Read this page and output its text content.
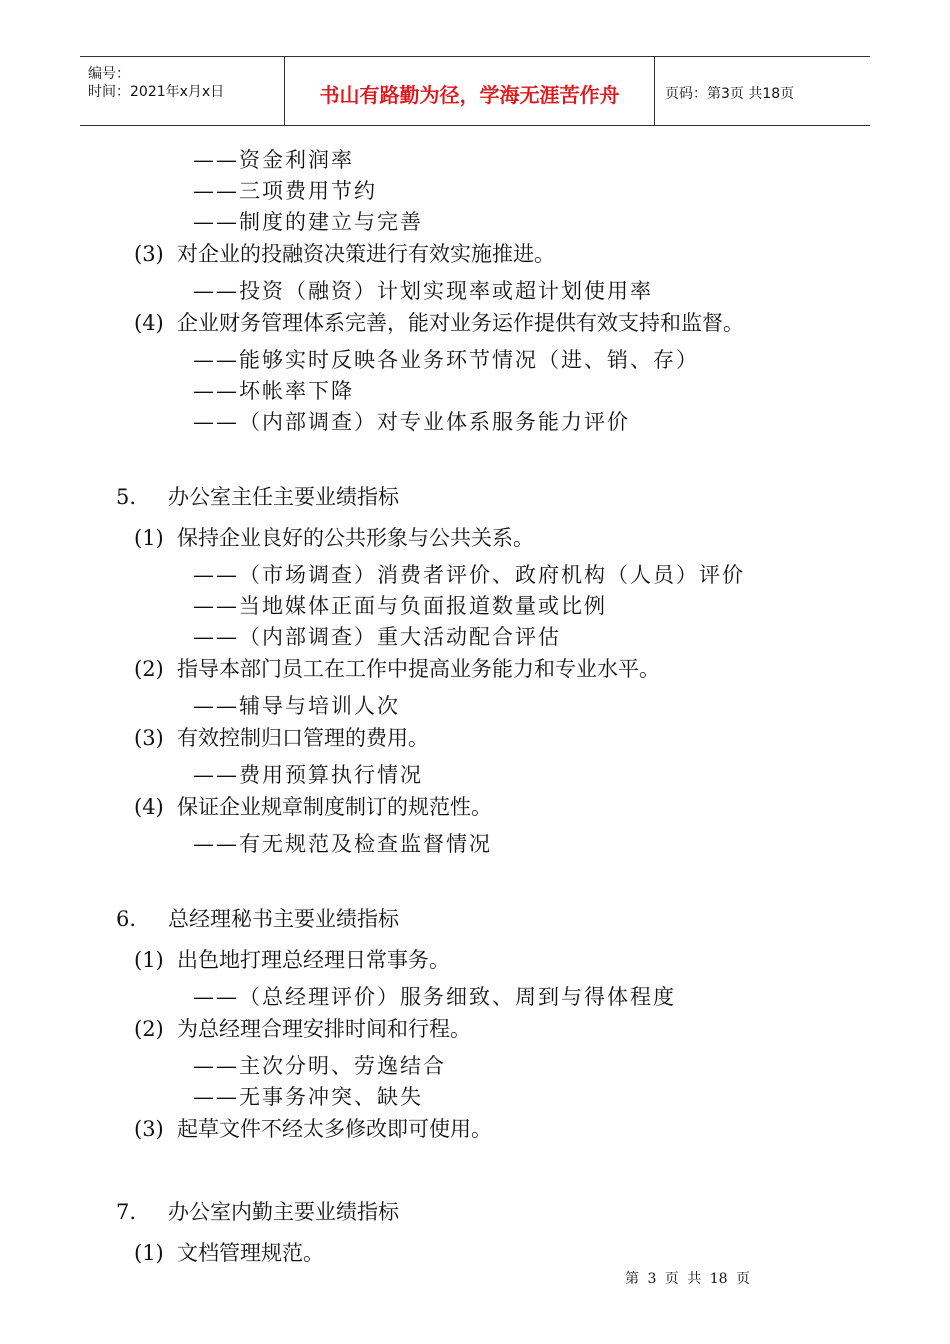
编号：
时间：2021年x月x日	书山有路勤为径，学海无涯苦作舟	页码：第3页 共18页
——资金利润率
——三项费用节约
——制度的建立与完善
(3) 对企业的投融资决策进行有效实施推进。
——投资（融资）计划实现率或超计划使用率
(4) 企业财务管理体系完善，能对业务运作提供有效支持和监督。
——能够实时反映各业务环节情况（进、销、存）
——坏帐率下降
——（内部调查）对专业体系服务能力评价
5. 办公室主任主要业绩指标
(1) 保持企业良好的公共形象与公共关系。
——（市场调查）消费者评价、政府机构（人员）评价
——当地媒体正面与负面报道数量或比例
——（内部调查）重大活动配合评估
(2) 指导本部门员工在工作中提高业务能力和专业水平。
——辅导与培训人次
(3) 有效控制归口管理的费用。
——费用预算执行情况
(4) 保证企业规章制度制订的规范性。
——有无规范及检查监督情况
6. 总经理秘书主要业绩指标
(1) 出色地打理总经理日常事务。
——（总经理评价）服务细致、周到与得体程度
(2) 为总经理合理安排时间和行程。
——主次分明、劳逸结合
——无事务冲突、缺失
(3) 起草文件不经太多修改即可使用。
7. 办公室内勤主要业绩指标
(1) 文档管理规范。
第 3 页 共 18 页
